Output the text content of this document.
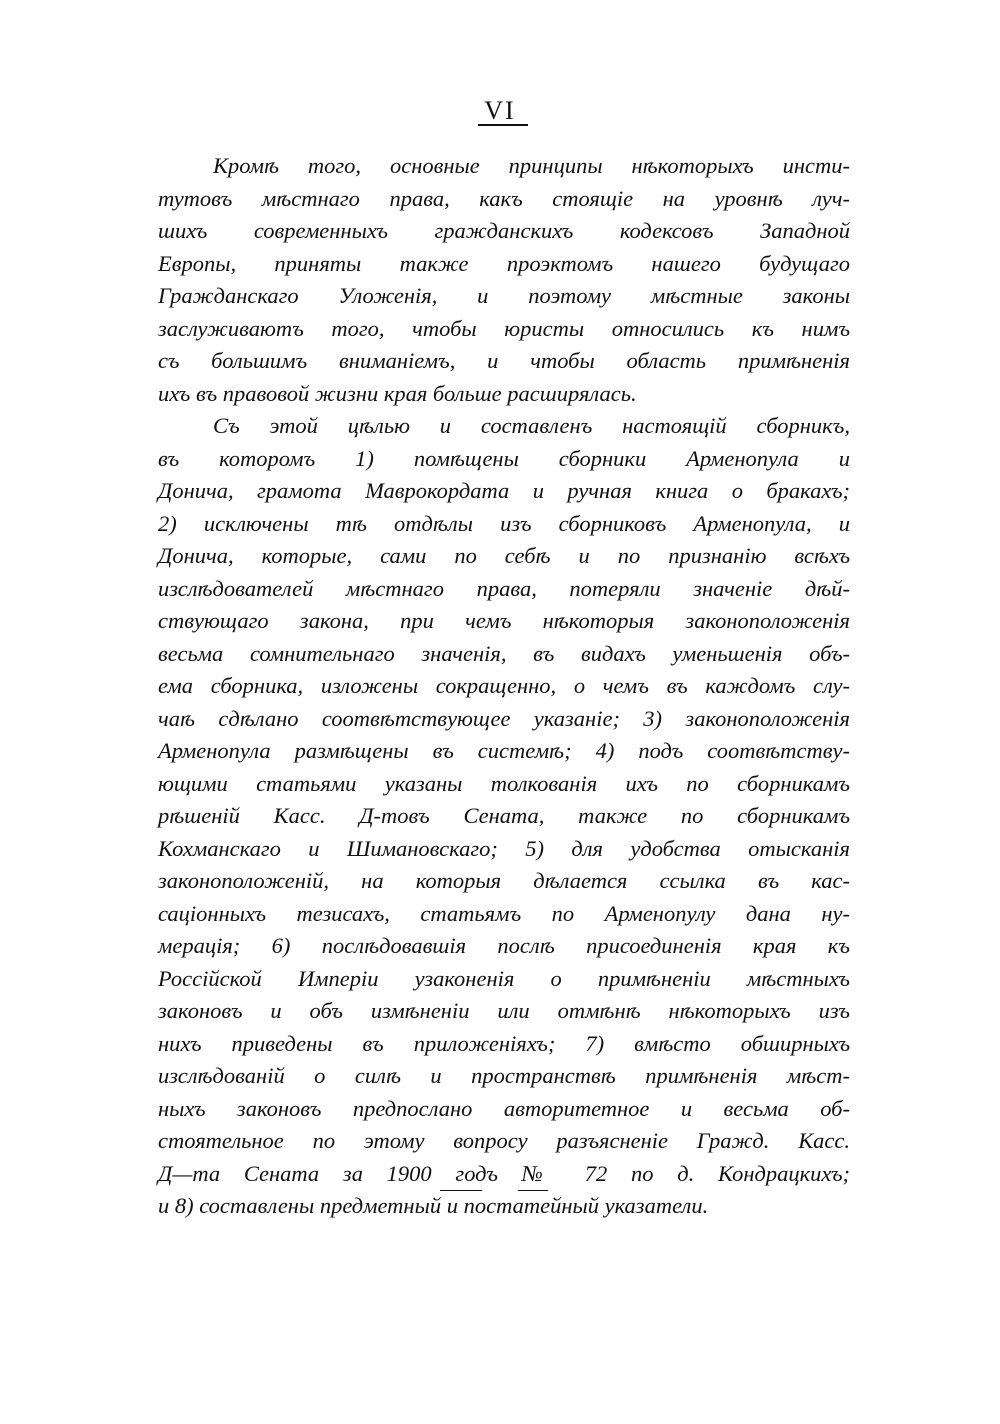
VI
Кромѣ того, основные принципы нѣкоторыхъ инсти-
тутовъ мѣстнаго права, какъ стоящіе на уровнѣ луч-
шихъ современныхъ гражданскихъ кодексовъ Западной
Европы, приняты также проэктомъ нашего будущаго
Гражданскаго Уложенія, и поэтому мѣстные законы
заслуживаютъ того, чтобы юристы относились къ нимъ
съ большимъ вниманіемъ, и чтобы область примѣненія
ихъ въ правовой жизни края больше расширялась.
Съ этой цѣлью и составленъ настоящій сборникъ,
въ которомъ 1) помѣщены сборники Арменопула и
Донича, грамота Маврокордата и ручная книга о бракахъ;
2) исключены тѣ отдѣлы изъ сборниковъ Арменопула, и
Донича, которые, сами по себѣ и по признанію всѣхъ
изслѣдователей мѣстнаго права, потеряли значеніе дѣй-
ствующаго закона, при чемъ нѣкоторыя законоположенія
весьма сомнительнаго значенія, въ видахъ уменьшенія объ-
ема сборника, изложены сокращенно, о чемъ въ каждомъ слу-
чаѣ сдѣлано соотвѣтствующее указаніе; 3) законоположенія
Арменопула размѣщены въ системѣ; 4) подъ соотвѣтству-
ющими статьями указаны толкованія ихъ по сборникамъ
рѣшеній Касс. Д-товъ Сената, также по сборникамъ
Кохманскаго и Шимановскаго; 5) для удобства отысканія
законоположеній, на которыя дѣлается ссылка въ кас-
саціонныхъ тезисахъ, статьямъ по Арменопулу дана ну-
мерація; 6) послѣдовавшія послѣ присоединенія края къ
Россійской Имперіи узаконенія о примѣненіи мѣстныхъ
законовъ и объ измѣненіи или отмѣнѣ нѣкоторыхъ изъ
нихъ приведены въ приложеніяхъ; 7) вмѣсто обширныхъ
изслѣдованій о силѣ и пространствѣ примѣненія мѣст-
ныхъ законовъ предпослано авторитетное и весьма об-
стоятельное по этому вопросу разъясненіе Гражд. Касс.
Д—та Сената за 1900 годъ № 72 по д. Кондрацкихъ;
и 8) составлены предметный и постатейный указатели.
